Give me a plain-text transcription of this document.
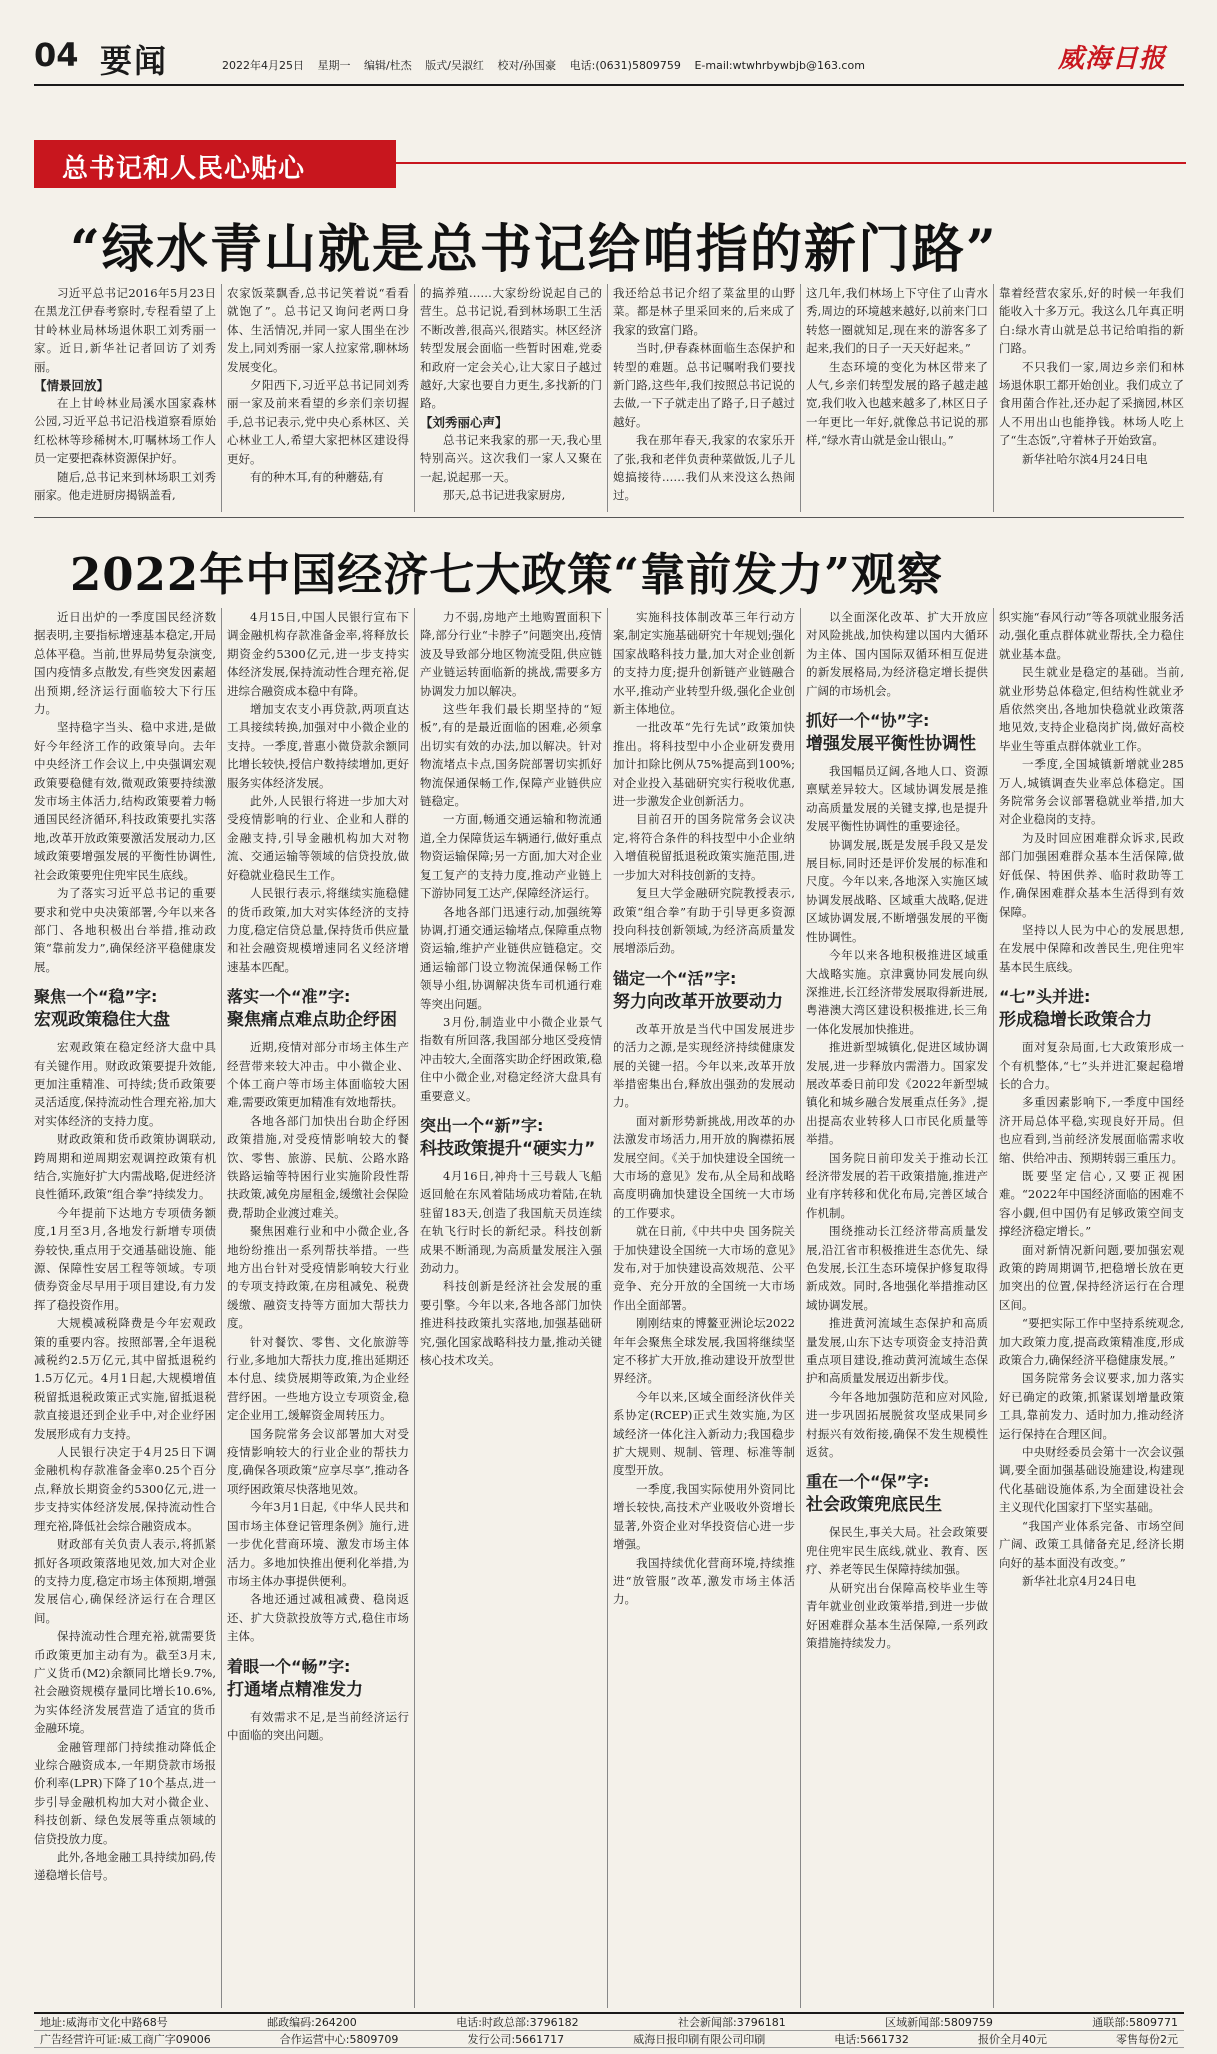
04 要闻	2022年4月25日 星期一 编辑/杜杰 版式/吴淑红 校对/孙国豪 电话:(0631)5809759 E-mail:wtwhrbywbjb@163.com	威海日报
总书记和人民心贴心
“绿水青山就是总书记给咱指的新门路”

习近平总书记2016年5月23日在黑龙江伊春考察时,专程看望了上甘岭林业局林场退休职工刘秀丽一家。近日,新华社记者回访了刘秀丽。

【情景回放】

在上甘岭林业局溪水国家森林公园,习近平总书记沿栈道察看原始红松林等珍稀树木,叮嘱林场工作人员一定要把森林资源保护好。

随后,总书记来到林场职工刘秀丽家。他走进厨房揭锅盖看,

农家饭菜飘香,总书记笑着说“看看就饱了”。总书记又询问老两口身体、生活情况,并同一家人围坐在沙发上,同刘秀丽一家人拉家常,聊林场发展变化。

夕阳西下,习近平总书记同刘秀丽一家及前来看望的乡亲们亲切握手,总书记表示,党中央心系林区、关心林业工人,希望大家把林区建设得更好。

有的种木耳,有的种蘑菇,有

的搞养殖……大家纷纷说起自己的营生。总书记说,看到林场职工生活不断改善,很高兴,很踏实。林区经济转型发展会面临一些暂时困难,党委和政府一定会关心,让大家日子越过越好,大家也要自力更生,多找新的门路。

【刘秀丽心声】

总书记来我家的那一天,我心里特别高兴。这次我们一家人又聚在一起,说起那一天。

那天,总书记进我家厨房,

我还给总书记介绍了菜盆里的山野菜。都是林子里采回来的,后来成了我家的致富门路。

当时,伊春森林面临生态保护和转型的难题。总书记嘱咐我们要找新门路,这些年,我们按照总书记说的去做,一下子就走出了路子,日子越过越好。

我在那年春天,我家的农家乐开了张,我和老伴负责种菜做饭,儿子儿媳搞接待……我们从来没这么热闹过。

这几年,我们林场上下守住了山青水秀,周边的环境越来越好,以前来门口转悠一圈就知足,现在来的游客多了起来,我们的日子一天天好起来。”

生态环境的变化为林区带来了人气,乡亲们转型发展的路子越走越宽,我们收入也越来越多了,林区日子一年更比一年好,就像总书记说的那样,“绿水青山就是金山银山。”

靠着经营农家乐,好的时候一年我们能收入十多万元。我这么几年真正明白:绿水青山就是总书记给咱指的新门路。

不只我们一家,周边乡亲们和林场退休职工都开始创业。我们成立了食用菌合作社,还办起了采摘园,林区人不用出山也能挣钱。林场人吃上了“生态饭”,守着林子开始致富。

新华社哈尔滨4月24日电

2022年中国经济七大政策“靠前发力”观察

近日出炉的一季度国民经济数据表明,主要指标增速基本稳定,开局总体平稳。当前,世界局势复杂演变,国内疫情多点散发,有些突发因素超出预期,经济运行面临较大下行压力。

坚持稳字当头、稳中求进,是做好今年经济工作的政策导向。去年中央经济工作会议上,中央强调宏观政策要稳健有效,微观政策要持续激发市场主体活力,结构政策要着力畅通国民经济循环,科技政策要扎实落地,改革开放政策要激活发展动力,区域政策要增强发展的平衡性协调性,社会政策要兜住兜牢民生底线。

为了落实习近平总书记的重要要求和党中央决策部署,今年以来各部门、各地积极出台举措,推动政策“靠前发力”,确保经济平稳健康发展。

聚焦一个“稳”字:
宏观政策稳住大盘

宏观政策在稳定经济大盘中具有关键作用。财政政策要提升效能,更加注重精准、可持续;货币政策要灵活适度,保持流动性合理充裕,加大对实体经济的支持力度。

财政政策和货币政策协调联动,跨周期和逆周期宏观调控政策有机结合,实施好扩大内需战略,促进经济良性循环,政策“组合拳”持续发力。

今年提前下达地方专项债务额度,1月至3月,各地发行新增专项债券较快,重点用于交通基础设施、能源、保障性安居工程等领域。专项债券资金尽早用于项目建设,有力发挥了稳投资作用。

大规模减税降费是今年宏观政策的重要内容。按照部署,全年退税减税约2.5万亿元,其中留抵退税约1.5万亿元。4月1日起,大规模增值税留抵退税政策正式实施,留抵退税款直接退还到企业手中,对企业纾困发展形成有力支持。

人民银行决定于4月25日下调金融机构存款准备金率0.25个百分点,释放长期资金约5300亿元,进一步支持实体经济发展,保持流动性合理充裕,降低社会综合融资成本。

财政部有关负责人表示,将抓紧抓好各项政策落地见效,加大对企业的支持力度,稳定市场主体预期,增强发展信心,确保经济运行在合理区间。

保持流动性合理充裕,就需要货币政策更加主动有为。截至3月末,广义货币(M2)余额同比增长9.7%,社会融资规模存量同比增长10.6%,为实体经济发展营造了适宜的货币金融环境。

金融管理部门持续推动降低企业综合融资成本,一年期贷款市场报价利率(LPR)下降了10个基点,进一步引导金融机构加大对小微企业、科技创新、绿色发展等重点领域的信贷投放力度。

此外,各地金融工具持续加码,传递稳增长信号。

4月15日,中国人民银行宣布下调金融机构存款准备金率,将释放长期资金约5300亿元,进一步支持实体经济发展,保持流动性合理充裕,促进综合融资成本稳中有降。

增加支农支小再贷款,两项直达工具接续转换,加强对中小微企业的支持。一季度,普惠小微贷款余额同比增长较快,授信户数持续增加,更好服务实体经济发展。

此外,人民银行将进一步加大对受疫情影响的行业、企业和人群的金融支持,引导金融机构加大对物流、交通运输等领域的信贷投放,做好稳就业稳民生工作。

人民银行表示,将继续实施稳健的货币政策,加大对实体经济的支持力度,稳定信贷总量,保持货币供应量和社会融资规模增速同名义经济增速基本匹配。

落实一个“准”字:
聚焦痛点难点助企纾困

近期,疫情对部分市场主体生产经营带来较大冲击。中小微企业、个体工商户等市场主体面临较大困难,需要政策更加精准有效地帮扶。

各地各部门加快出台助企纾困政策措施,对受疫情影响较大的餐饮、零售、旅游、民航、公路水路铁路运输等特困行业实施阶段性帮扶政策,减免房屋租金,缓缴社会保险费,帮助企业渡过难关。

聚焦困难行业和中小微企业,各地纷纷推出一系列帮扶举措。一些地方出台针对受疫情影响较大行业的专项支持政策,在房租减免、税费缓缴、融资支持等方面加大帮扶力度。

针对餐饮、零售、文化旅游等行业,多地加大帮扶力度,推出延期还本付息、续贷展期等政策,为企业经营纾困。一些地方设立专项资金,稳定企业用工,缓解资金周转压力。

国务院常务会议部署加大对受疫情影响较大的行业企业的帮扶力度,确保各项政策“应享尽享”,推动各项纾困政策尽快落地见效。

今年3月1日起,《中华人民共和国市场主体登记管理条例》施行,进一步优化营商环境、激发市场主体活力。多地加快推出便利化举措,为市场主体办事提供便利。

各地还通过减租减费、稳岗返还、扩大贷款投放等方式,稳住市场主体。

着眼一个“畅”字:
打通堵点精准发力

有效需求不足,是当前经济运行中面临的突出问题。

力不弱,房地产土地购置面积下降,部分行业“卡脖子”问题突出,疫情波及导致部分地区物流受阻,供应链产业链运转面临新的挑战,需要多方协调发力加以解决。

这些年我们最长期坚持的“短板”,有的是最近面临的困难,必须拿出切实有效的办法,加以解决。针对物流堵点卡点,国务院部署切实抓好物流保通保畅工作,保障产业链供应链稳定。

一方面,畅通交通运输和物流通道,全力保障货运车辆通行,做好重点物资运输保障;另一方面,加大对企业复工复产的支持力度,推动产业链上下游协同复工达产,保障经济运行。

各地各部门迅速行动,加强统筹协调,打通交通运输堵点,保障重点物资运输,维护产业链供应链稳定。交通运输部门设立物流保通保畅工作领导小组,协调解决货车司机通行难等突出问题。

3月份,制造业中小微企业景气指数有所回落,我国部分地区受疫情冲击较大,全面落实助企纾困政策,稳住中小微企业,对稳定经济大盘具有重要意义。

突出一个“新”字:
科技政策提升“硬实力”

4月16日,神舟十三号载人飞船返回舱在东风着陆场成功着陆,在轨驻留183天,创造了我国航天员连续在轨飞行时长的新纪录。科技创新成果不断涌现,为高质量发展注入强劲动力。

科技创新是经济社会发展的重要引擎。今年以来,各地各部门加快推进科技政策扎实落地,加强基础研究,强化国家战略科技力量,推动关键核心技术攻关。

实施科技体制改革三年行动方案,制定实施基础研究十年规划;强化国家战略科技力量,加大对企业创新的支持力度;提升创新链产业链融合水平,推动产业转型升级,强化企业创新主体地位。

一批改革“先行先试”政策加快推出。将科技型中小企业研发费用加计扣除比例从75%提高到100%;对企业投入基础研究实行税收优惠,进一步激发企业创新活力。

目前召开的国务院常务会议决定,将符合条件的科技型中小企业纳入增值税留抵退税政策实施范围,进一步加大对科技创新的支持。

复旦大学金融研究院教授表示,政策“组合拳”有助于引导更多资源投向科技创新领域,为经济高质量发展增添后劲。

锚定一个“活”字:
努力向改革开放要动力

改革开放是当代中国发展进步的活力之源,是实现经济持续健康发展的关键一招。今年以来,改革开放举措密集出台,释放出强劲的发展动力。

面对新形势新挑战,用改革的办法激发市场活力,用开放的胸襟拓展发展空间。《关于加快建设全国统一大市场的意见》发布,从全局和战略高度明确加快建设全国统一大市场的工作要求。

就在日前,《中共中央 国务院关于加快建设全国统一大市场的意见》发布,对于加快建设高效规范、公平竞争、充分开放的全国统一大市场作出全面部署。

刚刚结束的博鳌亚洲论坛2022年年会聚焦全球发展,我国将继续坚定不移扩大开放,推动建设开放型世界经济。

今年以来,区域全面经济伙伴关系协定(RCEP)正式生效实施,为区域经济一体化注入新动力;我国稳步扩大规则、规制、管理、标准等制度型开放。

一季度,我国实际使用外资同比增长较快,高技术产业吸收外资增长显著,外资企业对华投资信心进一步增强。

我国持续优化营商环境,持续推进“放管服”改革,激发市场主体活力。

以全面深化改革、扩大开放应对风险挑战,加快构建以国内大循环为主体、国内国际双循环相互促进的新发展格局,为经济稳定增长提供广阔的市场机会。

抓好一个“协”字:
增强发展平衡性协调性

我国幅员辽阔,各地人口、资源禀赋差异较大。区域协调发展是推动高质量发展的关键支撑,也是提升发展平衡性协调性的重要途径。

协调发展,既是发展手段又是发展目标,同时还是评价发展的标准和尺度。今年以来,各地深入实施区域协调发展战略、区域重大战略,促进区域协调发展,不断增强发展的平衡性协调性。

今年以来各地积极推进区域重大战略实施。京津冀协同发展向纵深推进,长江经济带发展取得新进展,粤港澳大湾区建设积极推进,长三角一体化发展加快推进。

推进新型城镇化,促进区域协调发展,进一步释放内需潜力。国家发展改革委日前印发《2022年新型城镇化和城乡融合发展重点任务》,提出提高农业转移人口市民化质量等举措。

国务院日前印发关于推动长江经济带发展的若干政策措施,推进产业有序转移和优化布局,完善区域合作机制。

围绕推动长江经济带高质量发展,沿江省市积极推进生态优先、绿色发展,长江生态环境保护修复取得新成效。同时,各地强化举措推动区域协调发展。

推进黄河流域生态保护和高质量发展,山东下达专项资金支持沿黄重点项目建设,推动黄河流域生态保护和高质量发展迈出新步伐。

今年各地加强防范和应对风险,进一步巩固拓展脱贫攻坚成果同乡村振兴有效衔接,确保不发生规模性返贫。

重在一个“保”字:
社会政策兜底民生

保民生,事关大局。社会政策要兜住兜牢民生底线,就业、教育、医疗、养老等民生保障持续加强。

从研究出台保障高校毕业生等青年就业创业政策举措,到进一步做好困难群众基本生活保障,一系列政策措施持续发力。

织实施“春风行动”等各项就业服务活动,强化重点群体就业帮扶,全力稳住就业基本盘。

民生就业是稳定的基础。当前,就业形势总体稳定,但结构性就业矛盾依然突出,各地加快稳就业政策落地见效,支持企业稳岗扩岗,做好高校毕业生等重点群体就业工作。

一季度,全国城镇新增就业285万人,城镇调查失业率总体稳定。国务院常务会议部署稳就业举措,加大对企业稳岗的支持。

为及时回应困难群众诉求,民政部门加强困难群众基本生活保障,做好低保、特困供养、临时救助等工作,确保困难群众基本生活得到有效保障。

坚持以人民为中心的发展思想,在发展中保障和改善民生,兜住兜牢基本民生底线。

“七”头并进:
形成稳增长政策合力

面对复杂局面,七大政策形成一个有机整体,“七”头并进汇聚起稳增长的合力。

多重因素影响下,一季度中国经济开局总体平稳,实现良好开局。但也应看到,当前经济发展面临需求收缩、供给冲击、预期转弱三重压力。

既要坚定信心,又要正视困难。“2022年中国经济面临的困难不容小觑,但中国仍有足够政策空间支撑经济稳定增长。”

面对新情况新问题,要加强宏观政策的跨周期调节,把稳增长放在更加突出的位置,保持经济运行在合理区间。

“要把实际工作中坚持系统观念,加大政策力度,提高政策精准度,形成政策合力,确保经济平稳健康发展。”

国务院常务会议要求,加力落实好已确定的政策,抓紧谋划增量政策工具,靠前发力、适时加力,推动经济运行保持在合理区间。

中央财经委员会第十一次会议强调,要全面加强基础设施建设,构建现代化基础设施体系,为全面建设社会主义现代化国家打下坚实基础。

“我国产业体系完备、市场空间广阔、政策工具储备充足,经济长期向好的基本面没有改变。”

新华社北京4月24日电

地址:威海市文化中路68号	邮政编码:264200	电话:时政总部:3796182	社会新闻部:3796181	区域新闻部:5809759	通联部:5809771
广告经营许可证:威工商广字09006	合作运营中心:5809709	发行公司:5661717	威海日报印刷有限公司印刷	电话:5661732	报价全月40元	零售每份2元
